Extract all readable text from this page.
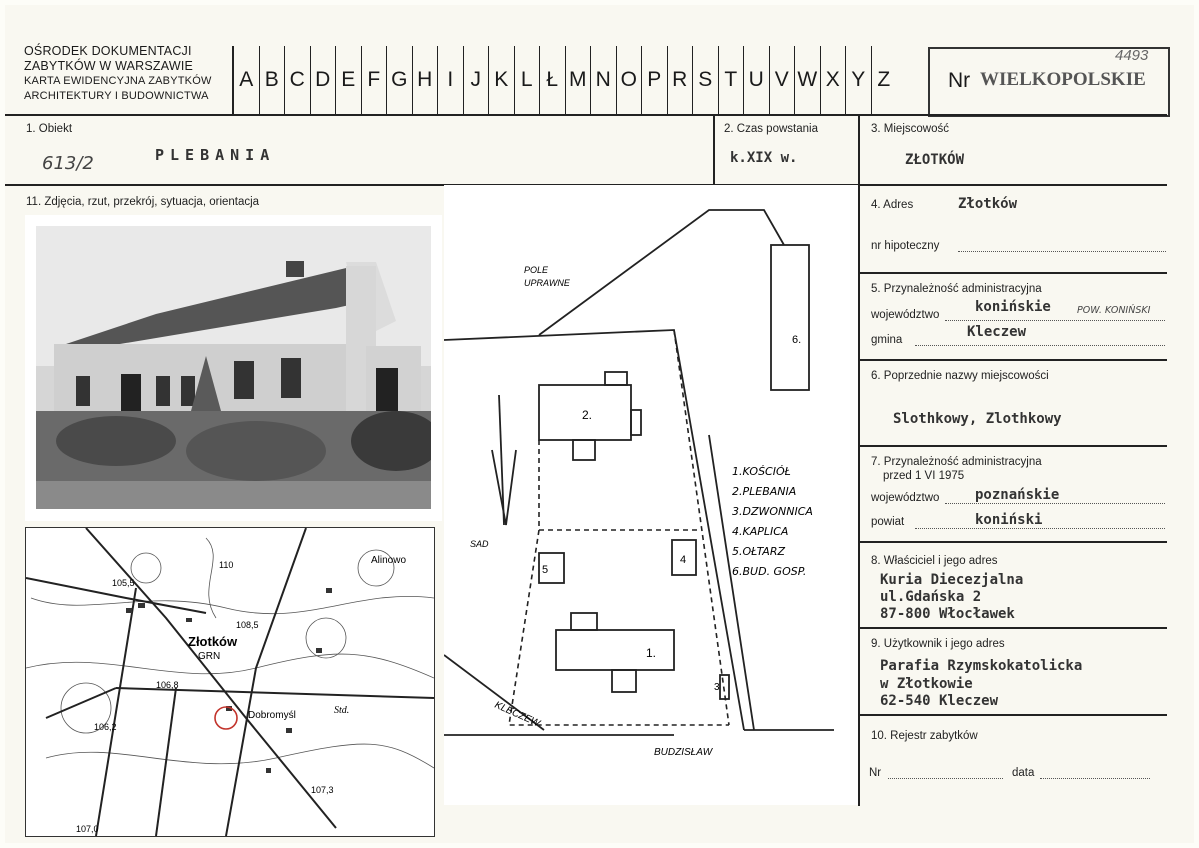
OŚRODEK DOKUMENTACJI
ZABYTKÓW W WARSZAWIE
KARTA EWIDENCYJNA ZABYTKÓW
ARCHITEKTURY I BUDOWNICTWA
A B C D E F G H I J K L Ł M N O P R S T U V W X Y Z	Nr WIELKOPOLSKIE
4493
1. Obiekt
PLEBANIA
613/2
2. Czas powstania
k.XIX w.
3. Miejscowość
ZŁOTKÓW
11. Zdjęcia, rzut, przekrój, sytuacja, orientacja
Złotków
GRN
Alinowo
Dobromyśl	Std.
105,5
108,5
106,8
106,2
107,3
107,0
110
POLE
UPRAWNE
SAD
KLECZEW
BUDZISŁAW
1.
2.
3
4
5
6.
1.KOŚCIÓŁ
2.PLEBANIA
3.DZWONNICA
4.KAPLICA
5.OŁTARZ
6.BUD. GOSP.
4. Adres	Złotków
nr hipoteczny
5. Przynależność administracyjna
województwo	konińskie	POW. KONIŃSKI
gmina	Kleczew
6. Poprzednie nazwy miejscowości
Slothkowy, Zlothkowy
7. Przynależność administracyjna
przed 1 VI 1975
województwo	poznańskie
powiat	koniński
8. Właściciel i jego adres
Kuria Diecezjalna
ul.Gdańska 2
87-800 Włocławek
9. Użytkownik i jego adres
Parafia Rzymskokatolicka
w Złotkowie
62-540 Kleczew
10. Rejestr zabytków
Nr	data
